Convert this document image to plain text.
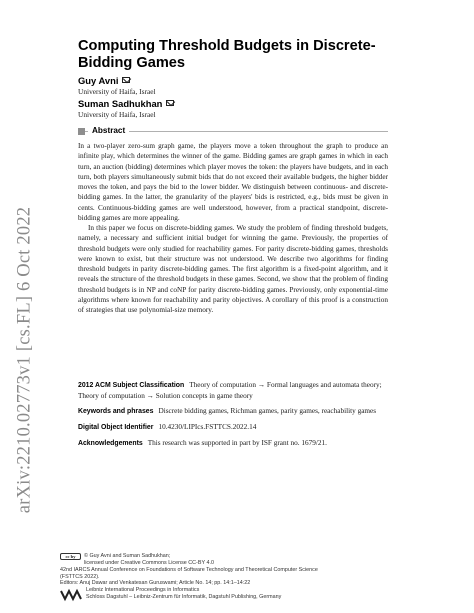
arXiv:2210.02773v1 [cs.FL] 6 Oct 2022
Computing Threshold Budgets in Discrete-Bidding Games
Guy Avni
University of Haifa, Israel
Suman Sadhukhan
University of Haifa, Israel
Abstract

In a two-player zero-sum graph game, the players move a token throughout the graph to produce an infinite play, which determines the winner of the game. Bidding games are graph games in which in each turn, an auction (bidding) determines which player moves the token: the players have budgets, and in each turn, both players simultaneously submit bids that do not exceed their available budgets, the higher bidder moves the token, and pays the bid to the lower bidder. We distinguish between continuous- and discrete-bidding games. In the latter, the granularity of the players' bids is restricted, e.g., bids must be given in cents. Continuous-bidding games are well understood, however, from a practical standpoint, discrete-bidding games are more appealing.

In this paper we focus on discrete-bidding games. We study the problem of finding threshold budgets, namely, a necessary and sufficient initial budget for winning the game. Previously, the properties of threshold budgets were only studied for reachability games. For parity discrete-bidding games, thresholds were known to exist, but their structure was not understood. We describe two algorithms for finding threshold budgets in parity discrete-bidding games. The first algorithm is a fixed-point algorithm, and it reveals the structure of the threshold budgets in these games. Second, we show that the problem of finding threshold budgets is in NP and coNP for parity discrete-bidding games. Previously, only exponential-time algorithms where known for reachability and parity objectives. A corollary of this proof is a construction of strategies that use polynomial-size memory.

2012 ACM Subject Classification Theory of computation → Formal languages and automata theory; Theory of computation → Solution concepts in game theory
Keywords and phrases Discrete bidding games, Richman games, parity games, reachability games
Digital Object Identifier 10.4230/LIPIcs.FSTTCS.2022.14
Acknowledgements This research was supported in part by ISF grant no. 1679/21.
cc by	© Guy Avni and Suman Sadhukhan;
licensed under Creative Commons License CC-BY 4.0
42nd IARCS Annual Conference on Foundations of Software Technology and Theoretical Computer Science
(FSTTCS 2022).
Editors: Anuj Dawar and Venkatesan Guruswami; Article No. 14; pp. 14:1–14:22
Leibniz International Proceedings in Informatics
Schloss Dagstuhl – Leibniz-Zentrum für Informatik, Dagstuhl Publishing, Germany
